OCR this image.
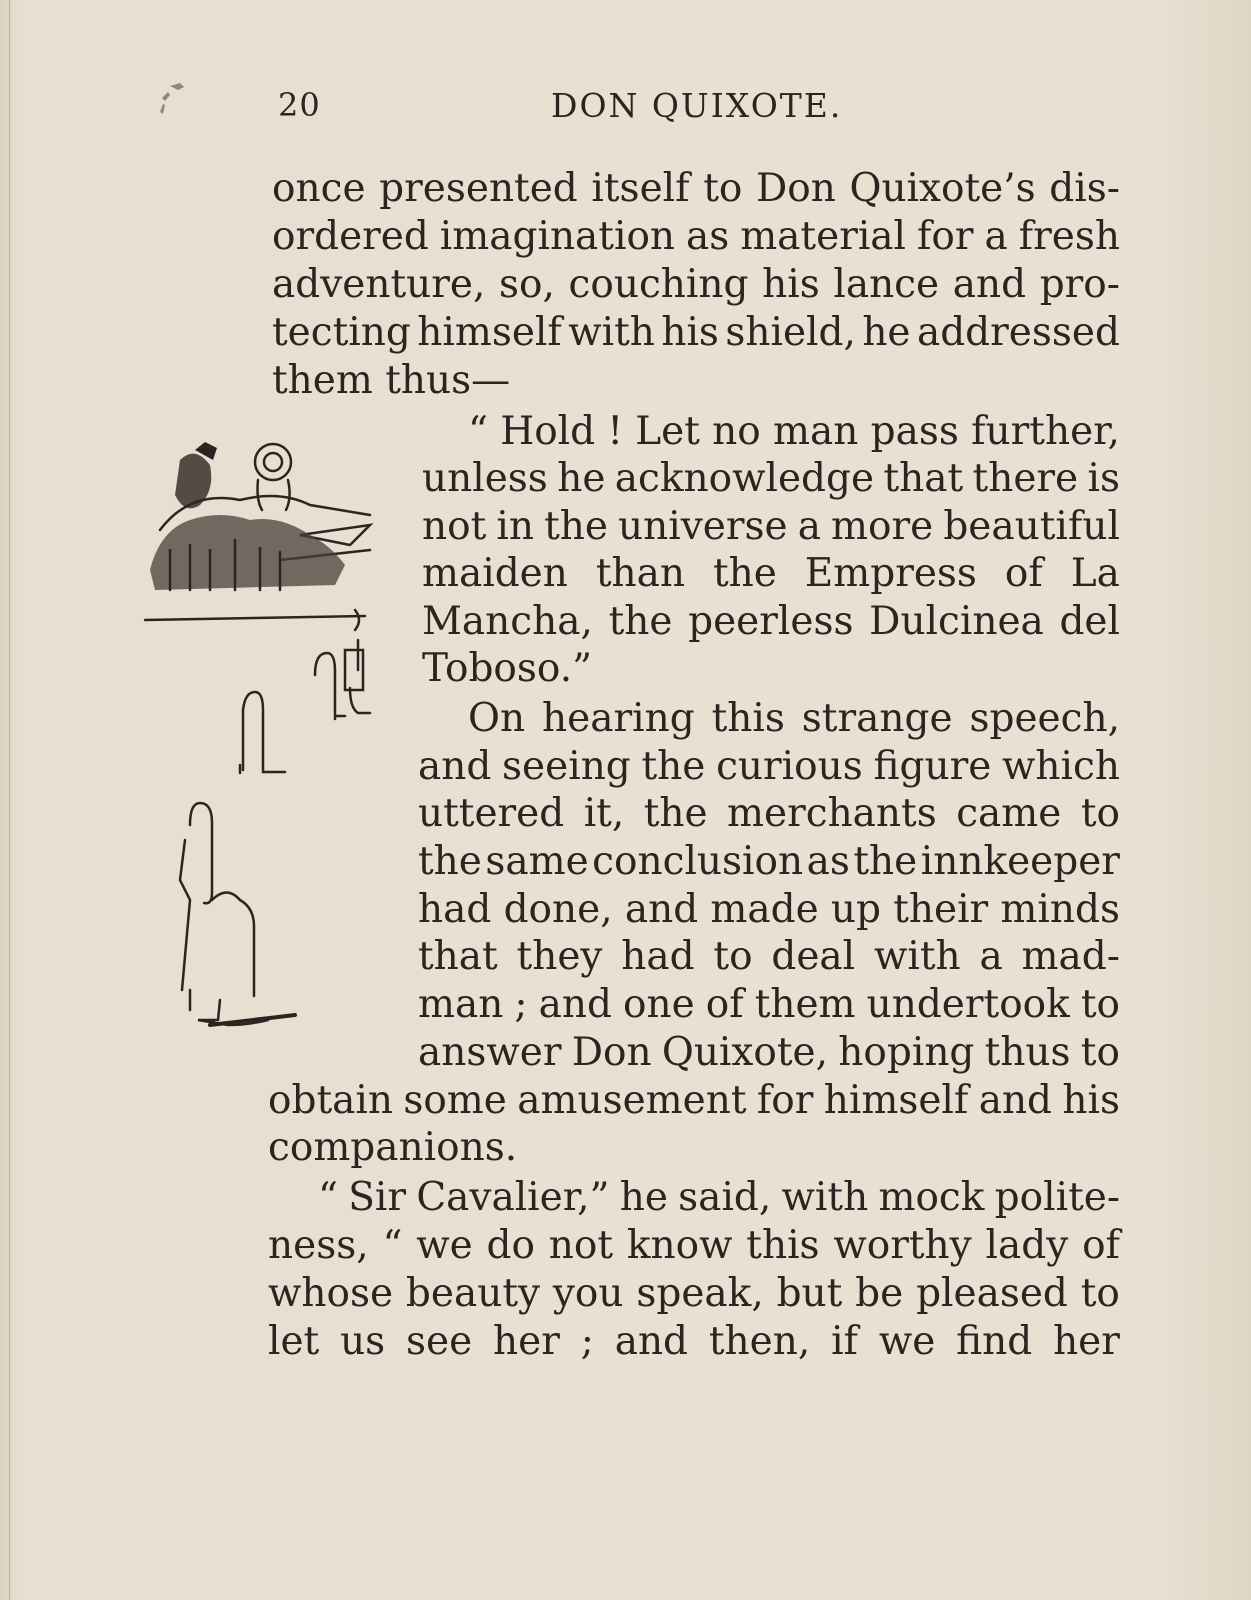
20	DON QUIXOTE.
once presented itself to Don Quixote’s dis-
ordered imagination as material for a fresh
adventure, so, couching his lance and pro-
tecting himself with his shield, he addressed
them thus—
“ Hold ! Let no man pass further,
unless he acknowledge that there is
not in the universe a more beautiful
maiden than the Empress of La
Mancha, the peerless Dulcinea del
Toboso.”
On hearing this strange speech,
and seeing the curious figure which
uttered it, the merchants came to
the same conclusion as the innkeeper
had done, and made up their minds
that they had to deal with a mad-
man ; and one of them undertook to
answer Don Quixote, hoping thus to
obtain some amusement for himself and his
companions.
“ Sir Cavalier,” he said, with mock polite-
ness, “ we do not know this worthy lady of
whose beauty you speak, but be pleased to
let us see her ; and then, if we find her
